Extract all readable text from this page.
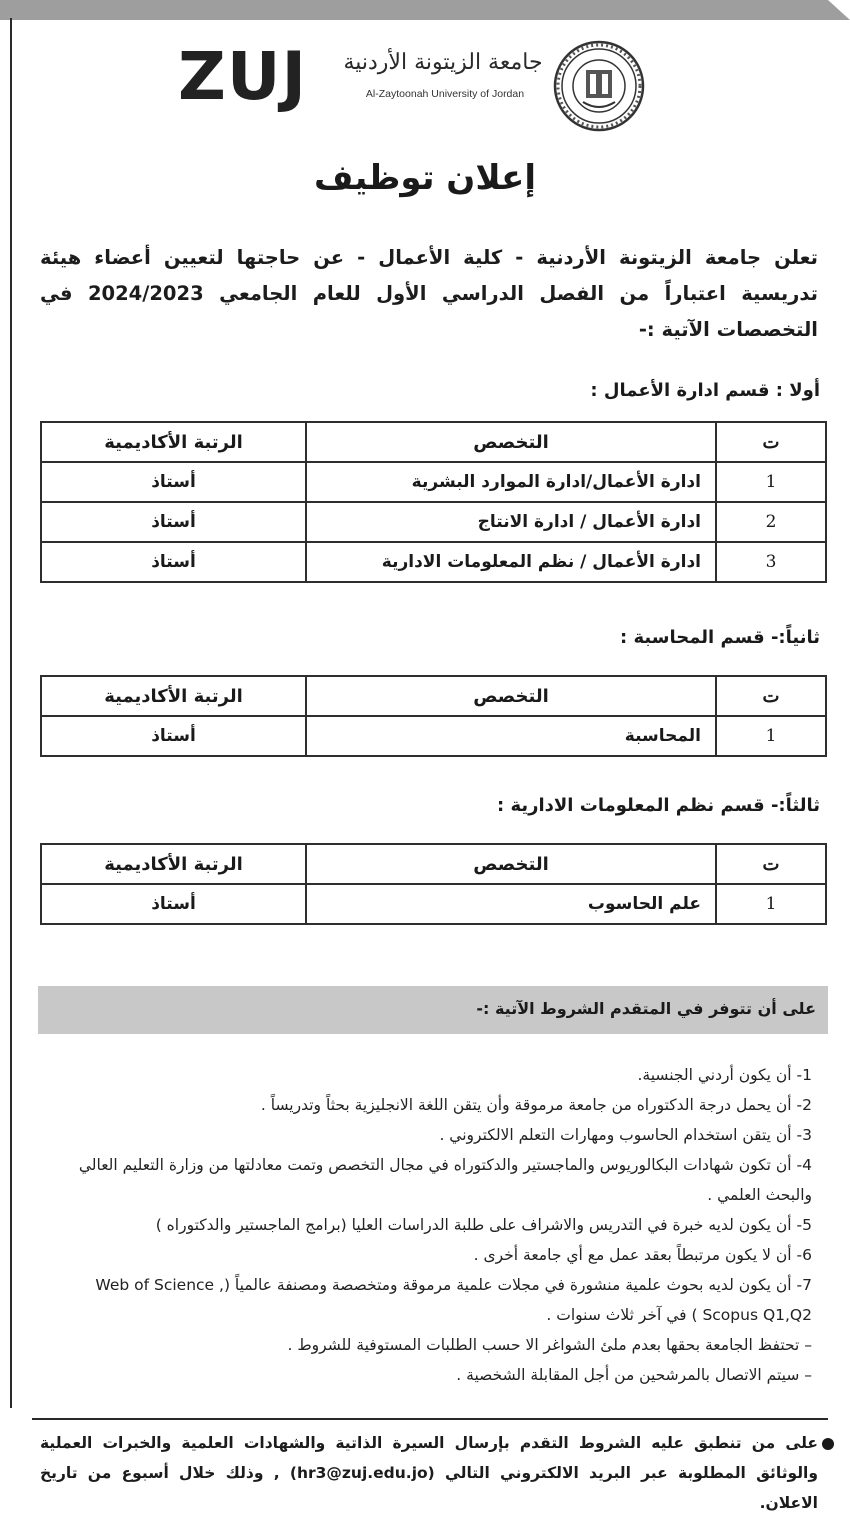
ZUJ جامعة الزيتونة الأردنية
Al-Zaytoonah University of Jordan
إعلان توظيف
تعلن جامعة الزيتونة الأردنية - كلية الأعمال - عن حاجتها لتعيين أعضاء هيئة تدريسية اعتباراً من الفصل الدراسي الأول للعام الجامعي 2024/2023 في التخصصات الآتية :-
أولا : قسم ادارة الأعمال :
ت	التخصص	الرتبة الأكاديمية
1	ادارة الأعمال/ادارة الموارد البشرية	أستاذ
2	ادارة الأعمال / ادارة الانتاج	أستاذ
3	ادارة الأعمال / نظم المعلومات الادارية	أستاذ
ثانياً:- قسم المحاسبة :
ت	التخصص	الرتبة الأكاديمية
1	المحاسبة	أستاذ
ثالثاً:- قسم نظم المعلومات الادارية :
ت	التخصص	الرتبة الأكاديمية
1	علم الحاسوب	أستاذ
على أن تتوفر في المتقدم الشروط الآتية :-
1- أن يكون أردني الجنسية.
2- أن يحمل درجة الدكتوراه من جامعة مرموقة وأن يتقن اللغة الانجليزية بحثاً وتدريساً .
3- أن يتقن استخدام الحاسوب ومهارات التعلم الالكتروني .
4- أن تكون شهادات البكالوريوس والماجستير والدكتوراه في مجال التخصص وتمت معادلتها من وزارة التعليم العالي والبحث العلمي .
5- أن يكون لديه خبرة في التدريس والاشراف على طلبة الدراسات العليا (برامج الماجستير والدكتوراه )
6- أن لا يكون مرتبطاً بعقد عمل مع أي جامعة أخرى .
7- أن يكون لديه بحوث علمية منشورة في مجلات علمية مرموقة ومتخصصة ومصنفة عالمياً (Web of Science , Scopus Q1,Q2 ) في آخر ثلاث سنوات .
– تحتفظ الجامعة بحقها بعدم ملئ الشواغر الا حسب الطلبات المستوفية للشروط .
– سيتم الاتصال بالمرشحين من أجل المقابلة الشخصية .
على من تنطبق عليه الشروط التقدم بإرسال السيرة الذاتية والشهادات العلمية والخبرات العملية والوثائق المطلوبة عبر البريد الالكتروني التالي (hr3@zuj.edu.jo) , وذلك خلال أسبوع من تاريخ الاعلان.
